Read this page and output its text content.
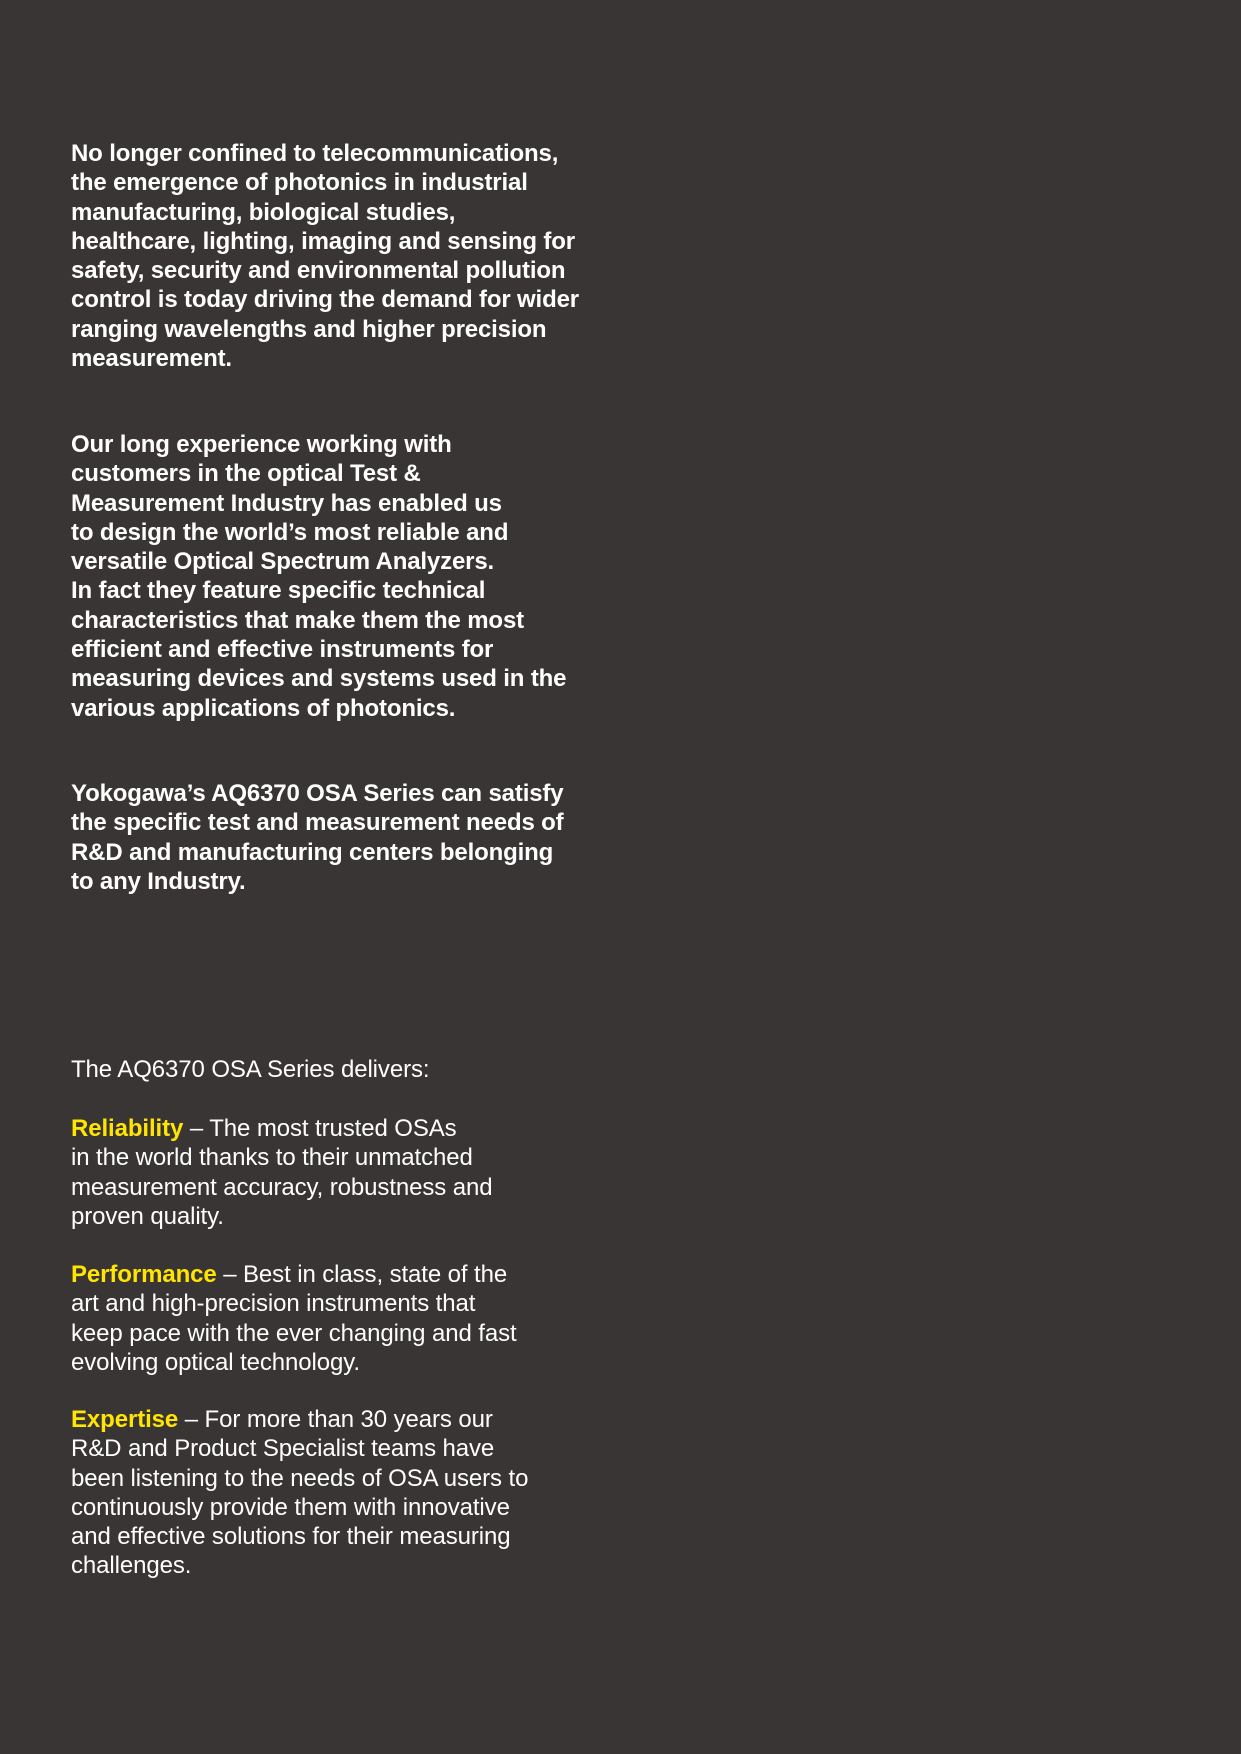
No longer confined to telecommunications,
the emergence of photonics in industrial
manufacturing, biological studies,
healthcare, lighting, imaging and sensing for
safety, security and environmental pollution
control is today driving the demand for wider
ranging wavelengths and higher precision
measurement.

Our long experience working with
customers in the optical Test &
Measurement Industry has enabled us
to design the world’s most reliable and
versatile Optical Spectrum Analyzers.
In fact they feature specific technical
characteristics that make them the most
efficient and effective instruments for
measuring devices and systems used in the
various applications of photonics.

Yokogawa’s AQ6370 OSA Series can satisfy
the specific test and measurement needs of
R&D and manufacturing centers belonging
to any Industry.

The AQ6370 OSA Series delivers:

Reliability – The most trusted OSAs
in the world thanks to their unmatched
measurement accuracy, robustness and
proven quality.

Performance – Best in class, state of the
art and high-precision instruments that
keep pace with the ever changing and fast
evolving optical technology.

Expertise – For more than 30 years our
R&D and Product Specialist teams have
been listening to the needs of OSA users to
continuously provide them with innovative
and effective solutions for their measuring
challenges.
